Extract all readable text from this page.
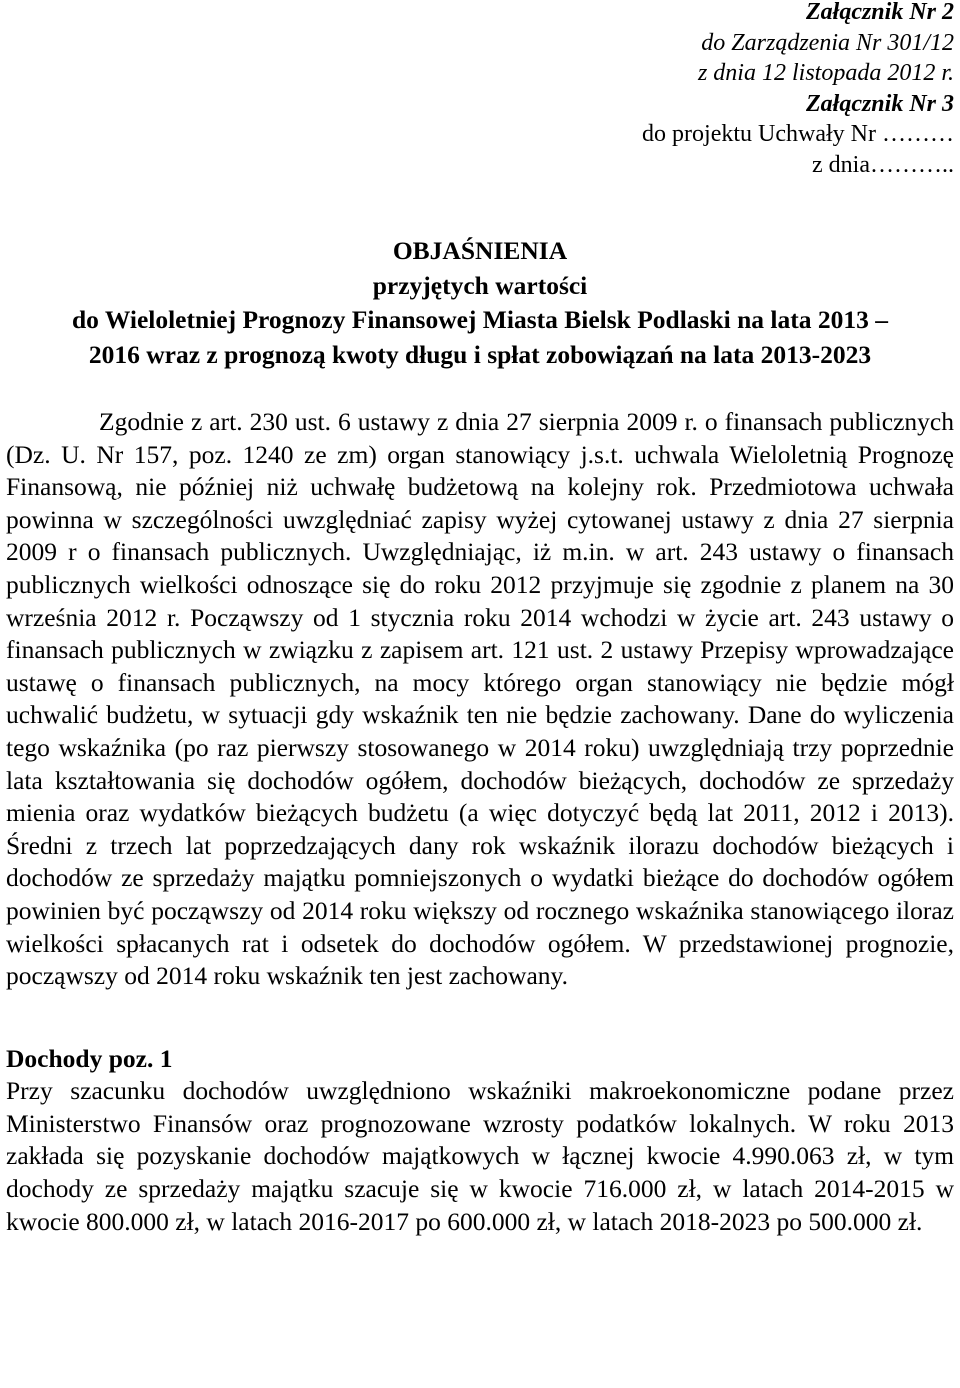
Załącznik Nr 2
do Zarządzenia Nr 301/12
z dnia 12 listopada 2012 r.
Załącznik Nr 3
do projektu Uchwały Nr ………
z dnia………..
OBJAŚNIENIA
przyjętych wartości
do Wieloletniej Prognozy Finansowej Miasta Bielsk Podlaski na lata 2013 –
2016 wraz z prognozą kwoty długu i spłat zobowiązań na lata 2013-2023

Zgodnie z art. 230 ust. 6 ustawy z dnia 27 sierpnia 2009 r. o finansach publicznych (Dz. U. Nr 157, poz. 1240 ze zm) organ stanowiący j.s.t. uchwala Wieloletnią Prognozę Finansową, nie później niż uchwałę budżetową na kolejny rok. Przedmiotowa uchwała powinna w szczególności uwzględniać zapisy wyżej cytowanej ustawy z dnia 27 sierpnia 2009 r o finansach publicznych. Uwzględniając, iż m.in. w art. 243 ustawy o finansach publicznych wielkości odnoszące się do roku 2012 przyjmuje się zgodnie z planem na 30 września 2012 r. Począwszy od 1 stycznia roku 2014 wchodzi w życie art. 243 ustawy o finansach publicznych w związku z zapisem art. 121 ust. 2 ustawy Przepisy wprowadzające ustawę o finansach publicznych, na mocy którego organ stanowiący nie będzie mógł uchwalić budżetu, w sytuacji gdy wskaźnik ten nie będzie zachowany. Dane do wyliczenia tego wskaźnika (po raz pierwszy stosowanego w 2014 roku) uwzględniają trzy poprzednie lata kształtowania się dochodów ogółem, dochodów bieżących, dochodów ze sprzedaży mienia oraz wydatków bieżących budżetu (a więc dotyczyć będą lat 2011, 2012 i 2013). Średni z trzech lat poprzedzających dany rok wskaźnik ilorazu dochodów bieżących i dochodów ze sprzedaży majątku pomniejszonych o wydatki bieżące do dochodów ogółem powinien być począwszy od 2014 roku większy od rocznego wskaźnika stanowiącego iloraz wielkości spłacanych rat i odsetek do dochodów ogółem. W przedstawionej prognozie, począwszy od 2014 roku wskaźnik ten jest zachowany.

Dochody poz. 1

Przy szacunku dochodów uwzględniono wskaźniki makroekonomiczne podane przez Ministerstwo Finansów oraz prognozowane wzrosty podatków lokalnych. W roku 2013 zakłada się pozyskanie dochodów majątkowych w łącznej kwocie 4.990.063 zł, w tym dochody ze sprzedaży majątku szacuje się w kwocie 716.000 zł, w latach 2014-2015 w kwocie 800.000 zł, w latach 2016-2017 po 600.000 zł, w latach 2018-2023 po 500.000 zł.
